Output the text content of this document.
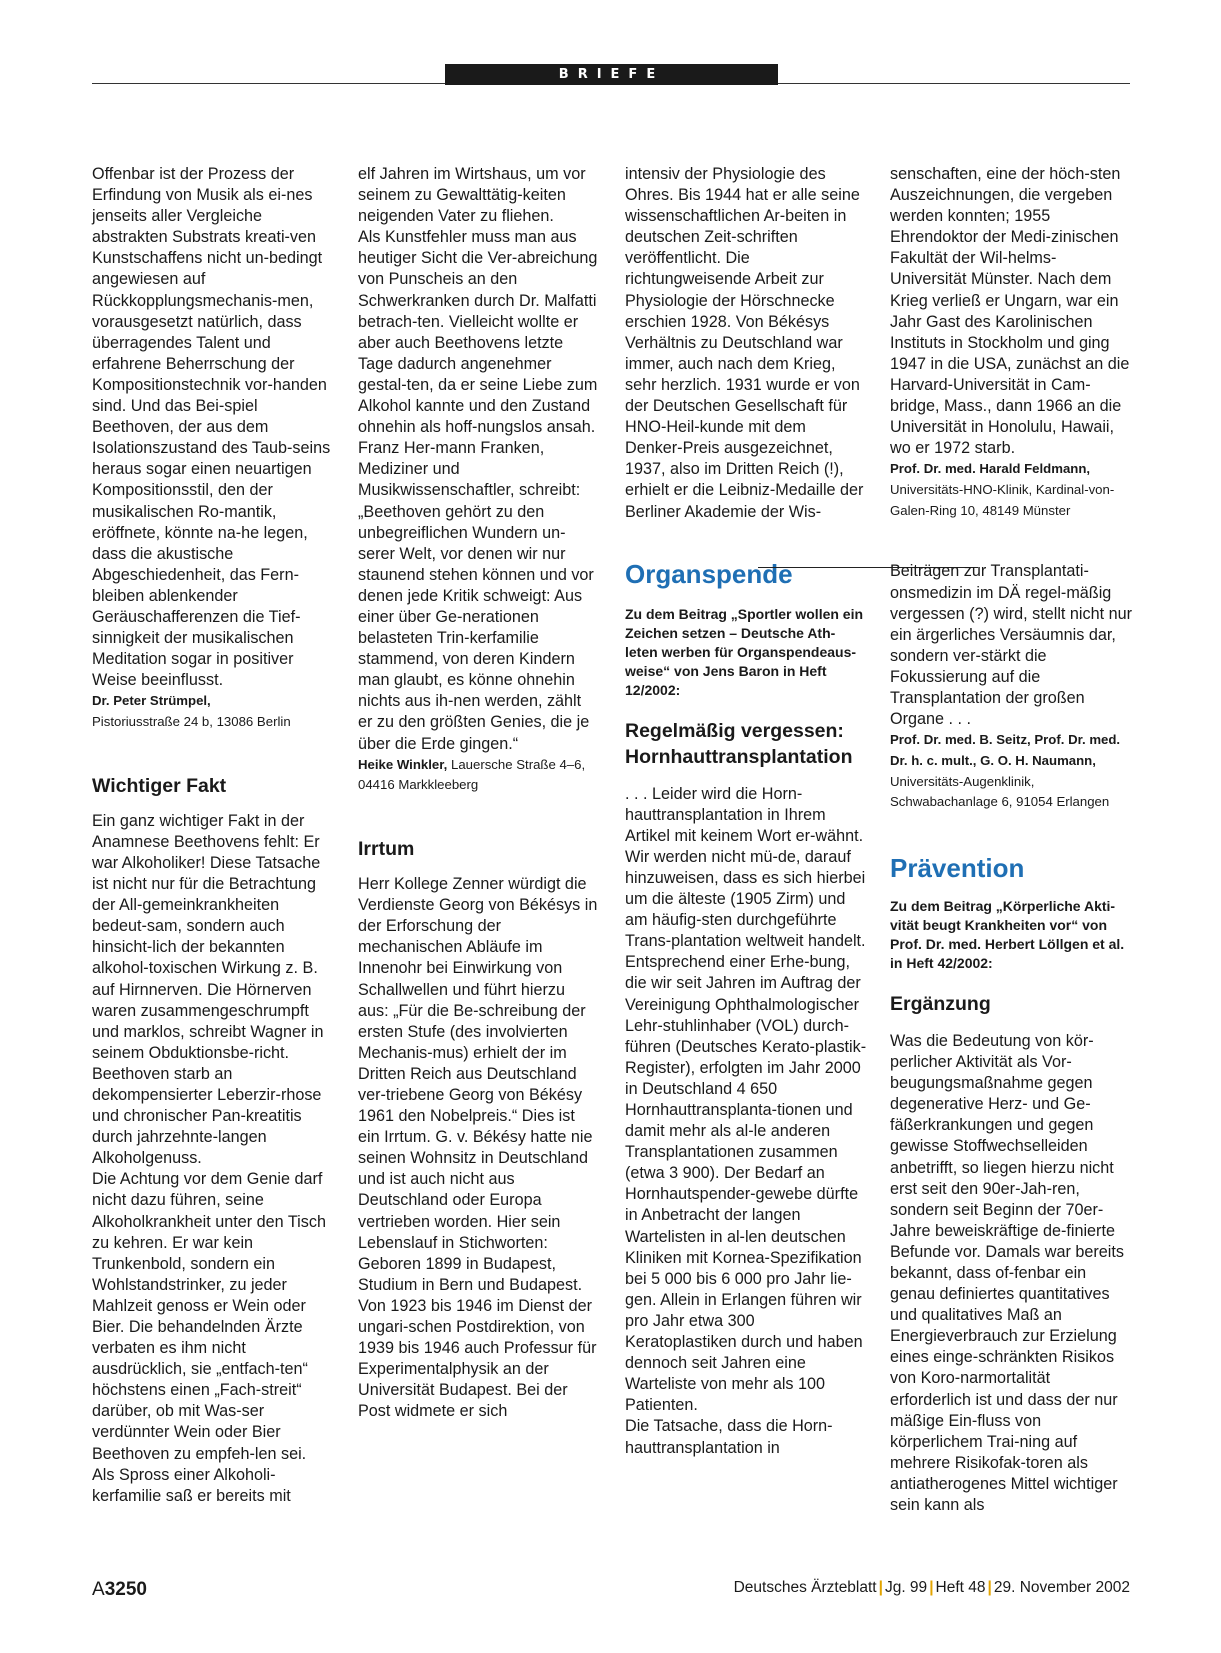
BRIEFE

Offenbar ist der Prozess der Erfindung von Musik als ei-nes jenseits aller Vergleiche abstrakten Substrats kreati-ven Kunstschaffens nicht un-bedingt angewiesen auf Rückkopplungsmechanis-men, vorausgesetzt natürlich, dass überragendes Talent und erfahrene Beherrschung der Kompositionstechnik vor-handen sind. Und das Bei-spiel Beethoven, der aus dem Isolationszustand des Taub-seins heraus sogar einen neuartigen Kompositionsstil, den der musikalischen Ro-mantik, eröffnete, könnte na-he legen, dass die akustische Abgeschiedenheit, das Fern-bleiben ablenkender Geräuschafferenzen die Tief-sinnigkeit der musikalischen Meditation sogar in positiver Weise beeinflusst.

Dr. Peter Strümpel,
Pistoriusstraße 24 b, 13086 Berlin

Wichtiger Fakt

Ein ganz wichtiger Fakt in der Anamnese Beethovens fehlt: Er war Alkoholiker! Diese Tatsache ist nicht nur für die Betrachtung der All-gemeinkrankheiten bedeut-sam, sondern auch hinsicht-lich der bekannten alkohol-toxischen Wirkung z. B. auf Hirnnerven. Die Hörnerven waren zusammengeschrumpft und marklos, schreibt Wagner in seinem Obduktionsbe-richt. Beethoven starb an dekompensierter Leberzir-rhose und chronischer Pan-kreatitis durch jahrzehnte-langen Alkoholgenuss.

Die Achtung vor dem Genie darf nicht dazu führen, seine Alkoholkrankheit unter den Tisch zu kehren. Er war kein Trunkenbold, sondern ein Wohlstandstrinker, zu jeder Mahlzeit genoss er Wein oder Bier. Die behandelnden Ärzte verbaten es ihm nicht ausdrücklich, sie „entfach-ten“ höchstens einen „Fach-streit“ darüber, ob mit Was-ser verdünnter Wein oder Bier Beethoven zu empfeh-len sei.

Als Spross einer Alkoholi-kerfamilie saß er bereits mit

elf Jahren im Wirtshaus, um vor seinem zu Gewalttätig-keiten neigenden Vater zu fliehen.

Als Kunstfehler muss man aus heutiger Sicht die Ver-abreichung von Punscheis an den Schwerkranken durch Dr. Malfatti betrach-ten. Vielleicht wollte er aber auch Beethovens letzte Tage dadurch angenehmer gestal-ten, da er seine Liebe zum Alkohol kannte und den Zustand ohnehin als hoff-nungslos ansah. Franz Her-mann Franken, Mediziner und Musikwissenschaftler, schreibt:

„Beethoven gehört zu den unbegreiflichen Wundern un-serer Welt, vor denen wir nur staunend stehen können und vor denen jede Kritik schweigt: Aus einer über Ge-nerationen belasteten Trin-kerfamilie stammend, von deren Kindern man glaubt, es könne ohnehin nichts aus ih-nen werden, zählt er zu den größten Genies, die je über die Erde gingen.“

Heike Winkler, Lauersche Straße 4–6, 04416 Markkleeberg

Irrtum

Herr Kollege Zenner würdigt die Verdienste Georg von Békésys in der Erforschung der mechanischen Abläufe im Innenohr bei Einwirkung von Schallwellen und führt hierzu aus: „Für die Be-schreibung der ersten Stufe (des involvierten Mechanis-mus) erhielt der im Dritten Reich aus Deutschland ver-triebene Georg von Békésy 1961 den Nobelpreis.“ Dies ist ein Irrtum. G. v. Békésy hatte nie seinen Wohnsitz in Deutschland und ist auch nicht aus Deutschland oder Europa vertrieben worden. Hier sein Lebenslauf in Stichworten: Geboren 1899 in Budapest, Studium in Bern und Budapest. Von 1923 bis 1946 im Dienst der ungari-schen Postdirektion, von 1939 bis 1946 auch Professur für Experimentalphysik an der Universität Budapest. Bei der Post widmete er sich

intensiv der Physiologie des Ohres. Bis 1944 hat er alle seine wissenschaftlichen Ar-beiten in deutschen Zeit-schriften veröffentlicht. Die richtungweisende Arbeit zur Physiologie der Hörschnecke erschien 1928. Von Békésys Verhältnis zu Deutschland war immer, auch nach dem Krieg, sehr herzlich. 1931 wurde er von der Deutschen Gesellschaft für HNO-Heil-kunde mit dem Denker-Preis ausgezeichnet, 1937, also im Dritten Reich (!), erhielt er die Leibniz-Medaille der Berliner Akademie der Wis-

Organspende

Zu dem Beitrag „Sportler wollen ein Zeichen setzen – Deutsche Ath-leten werben für Organspendeaus-weise“ von Jens Baron in Heft 12/2002:

Regelmäßig vergessen: Hornhauttransplantation

. . . Leider wird die Horn-hauttransplantation in Ihrem Artikel mit keinem Wort er-wähnt. Wir werden nicht mü-de, darauf hinzuweisen, dass es sich hierbei um die älteste (1905 Zirm) und am häufig-sten durchgeführte Trans-plantation weltweit handelt. Entsprechend einer Erhe-bung, die wir seit Jahren im Auftrag der Vereinigung Ophthalmologischer Lehr-stuhlinhaber (VOL) durch-führen (Deutsches Kerato-plastik-Register), erfolgten im Jahr 2000 in Deutschland 4 650 Hornhauttransplanta-tionen und damit mehr als al-le anderen Transplantationen zusammen (etwa 3 900). Der Bedarf an Hornhautspender-gewebe dürfte in Anbetracht der langen Wartelisten in al-len deutschen Kliniken mit Kornea-Spezifikation bei 5 000 bis 6 000 pro Jahr lie-gen. Allein in Erlangen führen wir pro Jahr etwa 300 Keratoplastiken durch und haben dennoch seit Jahren eine Warteliste von mehr als 100 Patienten.

Die Tatsache, dass die Horn-hauttransplantation in

senschaften, eine der höch-sten Auszeichnungen, die vergeben werden konnten; 1955 Ehrendoktor der Medi-zinischen Fakultät der Wil-helms-Universität Münster. Nach dem Krieg verließ er Ungarn, war ein Jahr Gast des Karolinischen Instituts in Stockholm und ging 1947 in die USA, zunächst an die Harvard-Universität in Cam-bridge, Mass., dann 1966 an die Universität in Honolulu, Hawaii, wo er 1972 starb.

Prof. Dr. med. Harald Feldmann,
Universitäts-HNO-Klinik, Kardinal-von-Galen-Ring 10, 48149 Münster

Beiträgen zur Transplantati-onsmedizin im DÄ regel-mäßig vergessen (?) wird, stellt nicht nur ein ärgerliches Versäumnis dar, sondern ver-stärkt die Fokussierung auf die Transplantation der großen Organe . . .

Prof. Dr. med. B. Seitz, Prof. Dr. med. Dr. h. c. mult., G. O. H. Naumann, Universitäts-Augenklinik, Schwabachanlage 6, 91054 Erlangen

Prävention

Zu dem Beitrag „Körperliche Akti-vität beugt Krankheiten vor“ von Prof. Dr. med. Herbert Löllgen et al. in Heft 42/2002:

Ergänzung

Was die Bedeutung von kör-perlicher Aktivität als Vor-beugungsmaßnahme gegen degenerative Herz- und Ge-fäßerkrankungen und gegen gewisse Stoffwechselleiden anbetrifft, so liegen hierzu nicht erst seit den 90er-Jah-ren, sondern seit Beginn der 70er-Jahre beweiskräftige de-finierte Befunde vor. Damals war bereits bekannt, dass of-fenbar ein genau definiertes quantitatives und qualitatives Maß an Energieverbrauch zur Erzielung eines einge-schränkten Risikos von Koro-narmortalität erforderlich ist und dass der nur mäßige Ein-fluss von körperlichem Trai-ning auf mehrere Risikofak-toren als antiatherogenes Mittel wichtiger sein kann als

A3250	Deutsches Ärzteblatt | Jg. 99 | Heft 48 | 29. November 2002
